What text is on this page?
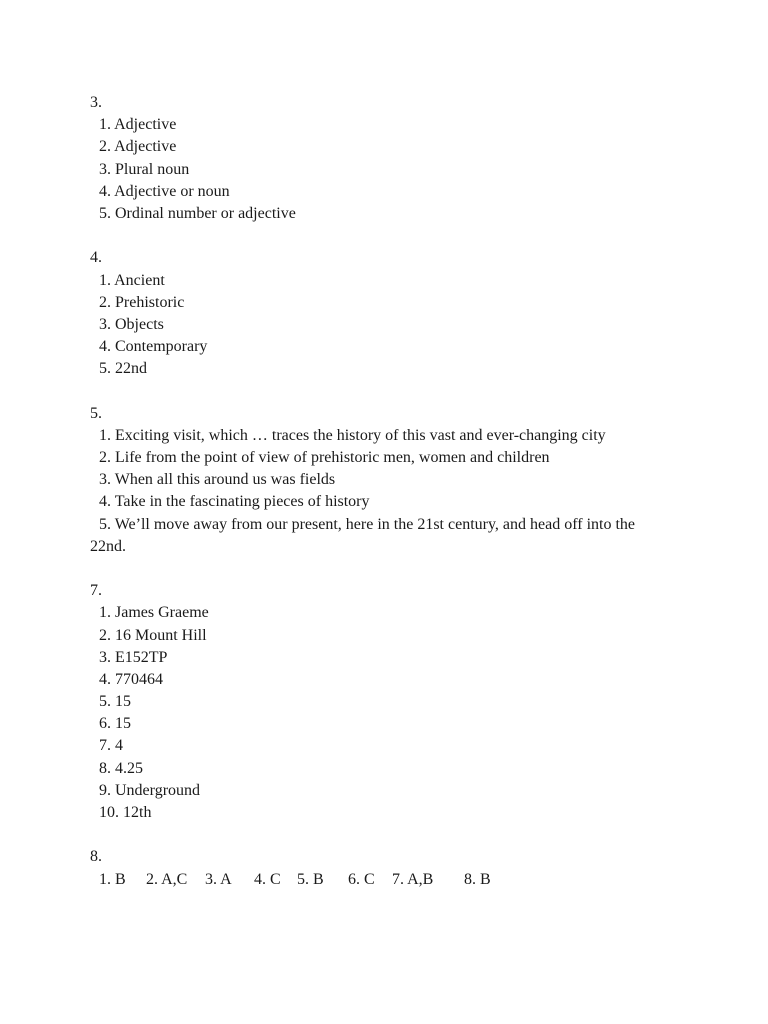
3.
1. Adjective
2. Adjective
3. Plural noun
4. Adjective or noun
5. Ordinal number or adjective
4.
1. Ancient
2. Prehistoric
3. Objects
4. Contemporary
5. 22nd
5.
1. Exciting visit, which … traces the history of this vast and ever-changing city
2. Life from the point of view of prehistoric men, women and children
3. When all this around us was fields
4. Take in the fascinating pieces of history
5. We’ll move away from our present, here in the 21st century, and head off into the
22nd.
7.
1. James Graeme
2. 16 Mount Hill
3. E152TP
4. 770464
5. 15
6. 15
7. 4
8. 4.25
9. Underground
10. 12th
8.
1. B 2. A,C 3. A 4. C 5. B 6. C 7. A,B 8. B
